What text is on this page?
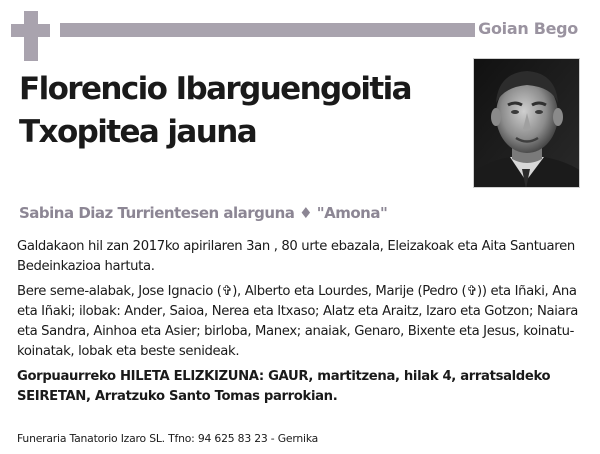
Goian Bego
Florencio Ibarguengoitia
Txopitea jauna
Sabina Diaz Turrientesen alarguna ♦ "Amona"

Galdakaon hil zan 2017ko apirilaren 3an , 80 urte ebazala, Eleizakoak eta Aita Santuaren Bedeinkazioa hartuta.

Bere seme-alabak, Jose Ignacio (✞), Alberto eta Lourdes, Marije (Pedro (✞)) eta Iñaki, Ana eta Iñaki; ilobak: Ander, Saioa, Nerea eta Itxaso; Alatz eta Araitz, Izaro eta Gotzon; Naiara eta Sandra, Ainhoa eta Asier; birloba, Manex; anaiak, Genaro, Bixente eta Jesus, koinatu-koinatak, lobak eta beste senideak.

Gorpuaurreko HILETA ELIZKIZUNA: GAUR, martitzena, hilak 4, arratsaldeko SEIRETAN, Arratzuko Santo Tomas parrokian.

Funeraria Tanatorio Izaro SL. Tfno: 94 625 83 23 - Gernika
